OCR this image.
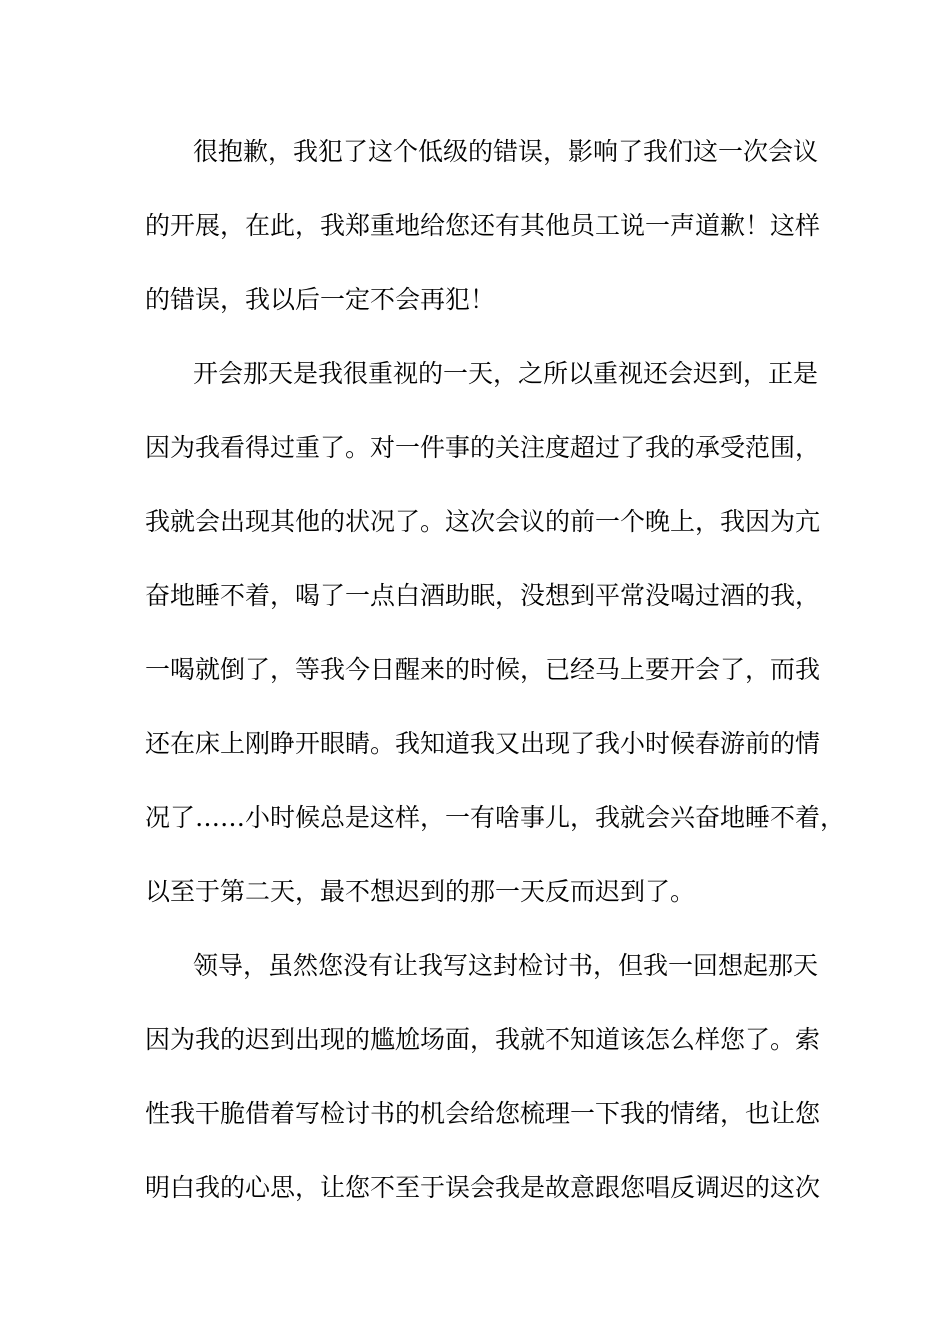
很抱歉，我犯了这个低级的错误，影响了我们这一次会议
的开展，在此，我郑重地给您还有其他员工说一声道歉！这样
的错误，我以后一定不会再犯！
开会那天是我很重视的一天，之所以重视还会迟到，正是
因为我看得过重了。对一件事的关注度超过了我的承受范围，
我就会出现其他的状况了。这次会议的前一个晚上，我因为亢
奋地睡不着，喝了一点白酒助眠，没想到平常没喝过酒的我，
一喝就倒了，等我今日醒来的时候，已经马上要开会了，而我
还在床上刚睁开眼睛。我知道我又出现了我小时候春游前的情
况了……小时候总是这样，一有啥事儿，我就会兴奋地睡不着，
以至于第二天，最不想迟到的那一天反而迟到了。
领导，虽然您没有让我写这封检讨书，但我一回想起那天
因为我的迟到出现的尴尬场面，我就不知道该怎么样您了。索
性我干脆借着写检讨书的机会给您梳理一下我的情绪，也让您
明白我的心思，让您不至于误会我是故意跟您唱反调迟的这次
